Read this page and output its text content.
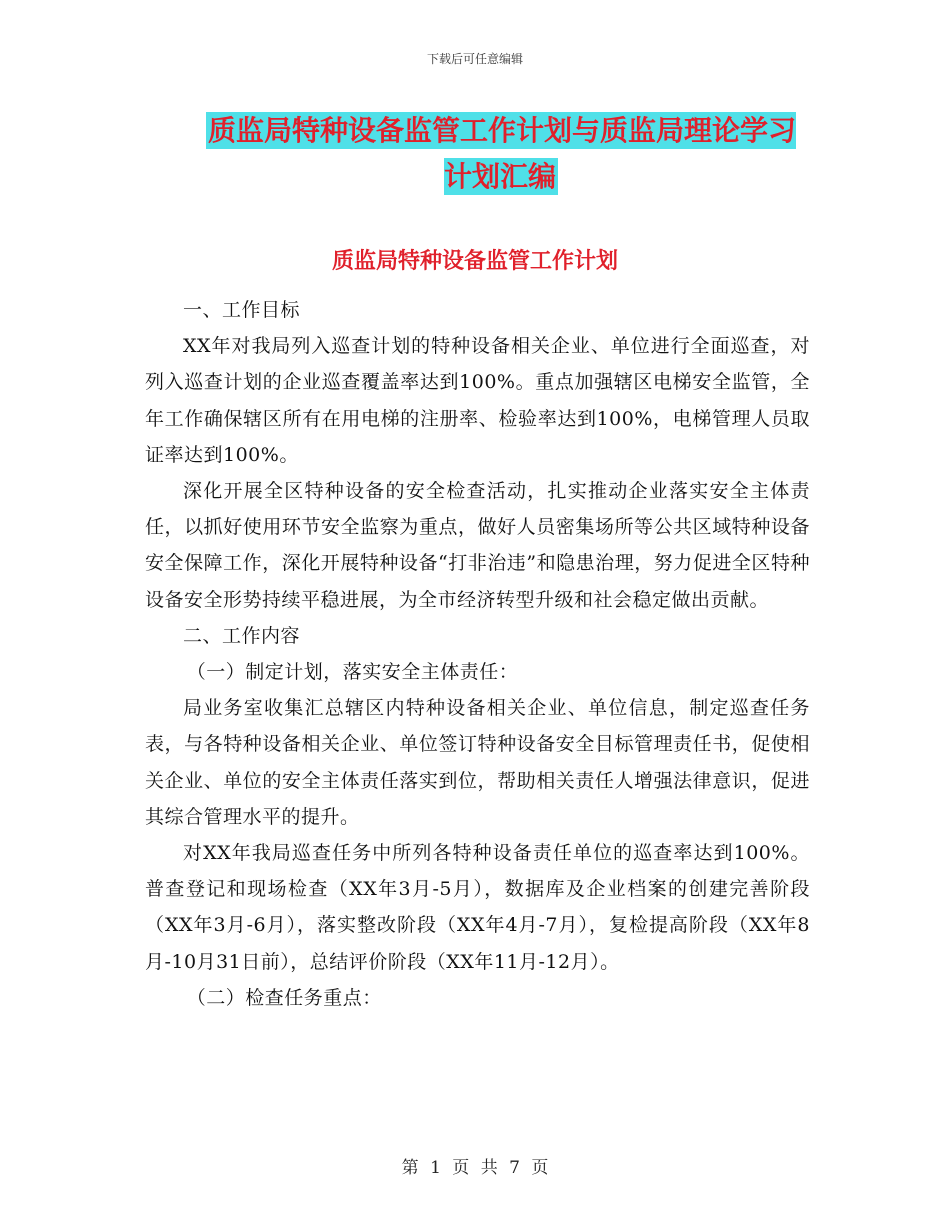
下载后可任意编辑
质监局特种设备监管工作计划与质监局理论学习计划汇编
质监局特种设备监管工作计划

一、工作目标

XX年对我局列入巡查计划的特种设备相关企业、单位进行全面巡查，对列入巡查计划的企业巡查覆盖率达到100%。重点加强辖区电梯安全监管，全年工作确保辖区所有在用电梯的注册率、检验率达到100%，电梯管理人员取证率达到100%。

深化开展全区特种设备的安全检查活动，扎实推动企业落实安全主体责任，以抓好使用环节安全监察为重点，做好人员密集场所等公共区域特种设备安全保障工作，深化开展特种设备“打非治违”和隐患治理，努力促进全区特种设备安全形势持续平稳进展，为全市经济转型升级和社会稳定做出贡献。

二、工作内容

（一）制定计划，落实安全主体责任：

局业务室收集汇总辖区内特种设备相关企业、单位信息，制定巡查任务表，与各特种设备相关企业、单位签订特种设备安全目标管理责任书，促使相关企业、单位的安全主体责任落实到位，帮助相关责任人增强法律意识，促进其综合管理水平的提升。

对XX年我局巡查任务中所列各特种设备责任单位的巡查率达到100%。普查登记和现场检查（XX年3月-5月），数据库及企业档案的创建完善阶段（XX年3月-6月），落实整改阶段（XX年4月-7月），复检提高阶段（XX年8月-10月31日前），总结评价阶段（XX年11月-12月）。

（二）检查任务重点：

第 1 页 共 7 页
